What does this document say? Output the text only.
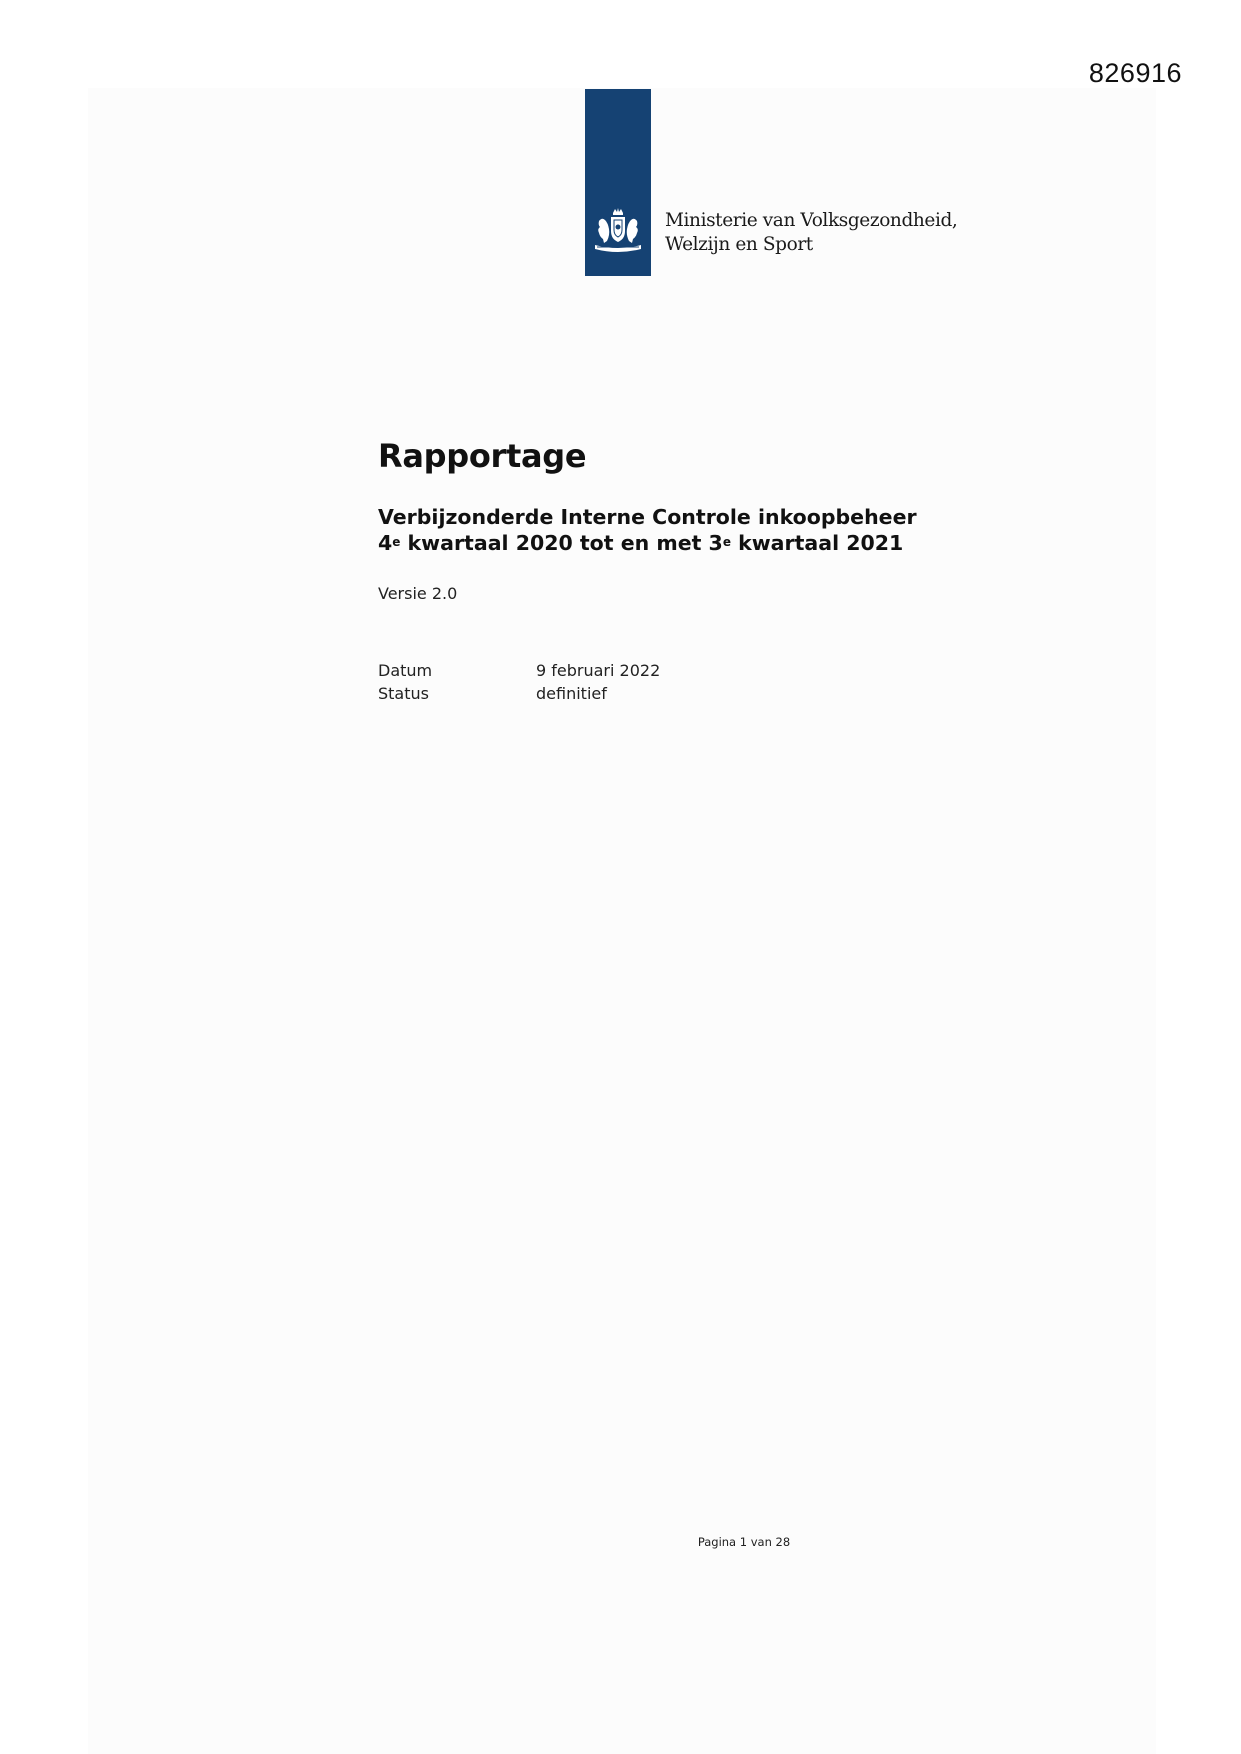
826916
Ministerie van Volksgezondheid,
Welzijn en Sport
Rapportage
Verbijzonderde Interne Controle inkoopbeheer
4e kwartaal 2020 tot en met 3e kwartaal 2021
Versie 2.0
Datum	9 februari 2022
Status	definitief
Pagina 1 van 28
